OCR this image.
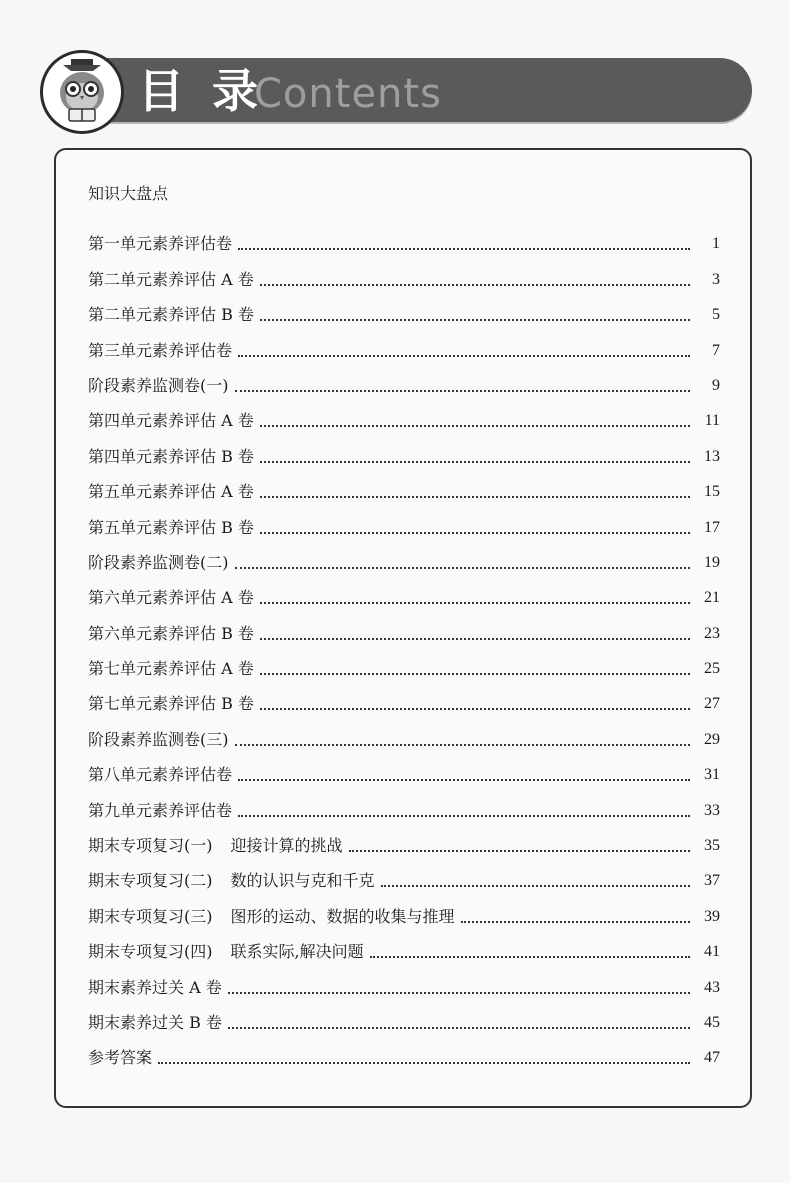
目 录
Contents
知识大盘点
第一单元素养评估卷	1
第二单元素养评估 A 卷	3
第二单元素养评估 B 卷	5
第三单元素养评估卷	7
阶段素养监测卷(一)	9
第四单元素养评估 A 卷	11
第四单元素养评估 B 卷	13
第五单元素养评估 A 卷	15
第五单元素养评估 B 卷	17
阶段素养监测卷(二)	19
第六单元素养评估 A 卷	21
第六单元素养评估 B 卷	23
第七单元素养评估 A 卷	25
第七单元素养评估 B 卷	27
阶段素养监测卷(三)	29
第八单元素养评估卷	31
第九单元素养评估卷	33
期末专项复习(一) 迎接计算的挑战	35
期末专项复习(二) 数的认识与克和千克	37
期末专项复习(三) 图形的运动、数据的收集与推理	39
期末专项复习(四) 联系实际,解决问题	41
期末素养过关 A 卷	43
期末素养过关 B 卷	45
参考答案	47
